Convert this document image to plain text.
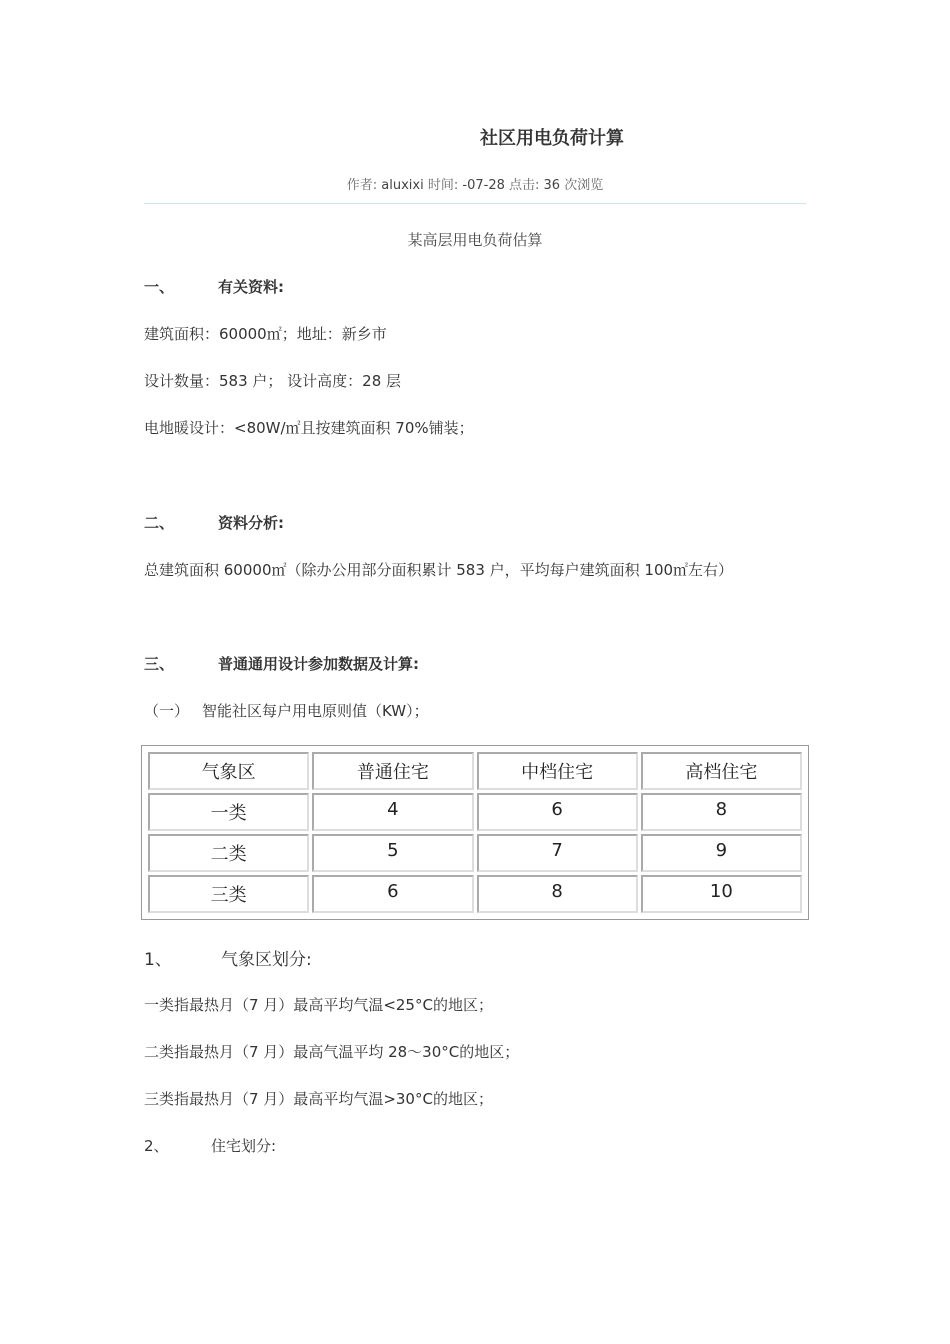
社区用电负荷计算
作者: aluxixi 时间: -07-28 点击: 36 次浏览
某高层用电负荷估算
一、	有关资料:
建筑面积：60000㎡；地址：新乡市
设计数量：583 户； 设计高度：28 层
电地暖设计：<80W/㎡且按建筑面积 70%铺装；
二、	资料分析:
总建筑面积 60000㎡（除办公用部分面积累计 583 户，平均每户建筑面积 100㎡左右）
三、	普通通用设计参加数据及计算:
（一） 智能社区每户用电原则值（KW）；
气象区	普通住宅	中档住宅	高档住宅
一类	4	6	8
二类	5	7	9
三类	6	8	10
1、	气象区划分:
一类指最热月（7 月）最高平均气温<25°C的地区；
二类指最热月（7 月）最高气温平均 28～30°C的地区；
三类指最热月（7 月）最高平均气温>30°C的地区；
2、	住宅划分:
